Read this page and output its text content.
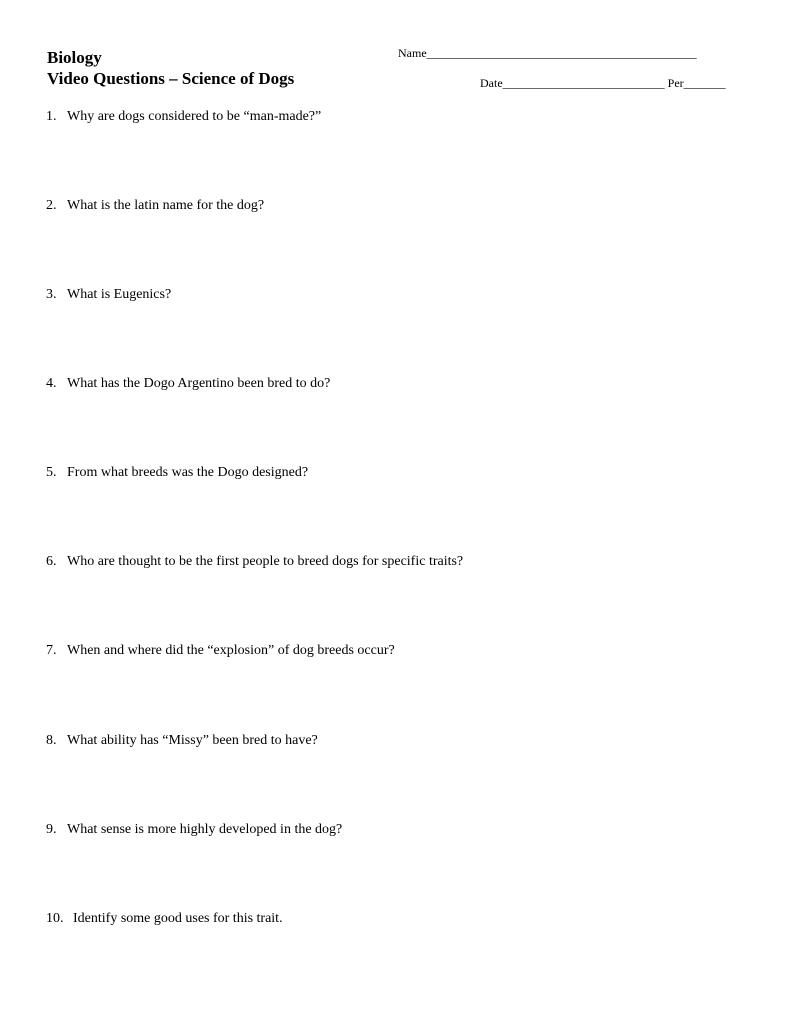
Biology
Video Questions – Science of Dogs
Name_____________________________________________
Date___________________________ Per_______
1. Why are dogs considered to be “man-made?”
2. What is the latin name for the dog?
3. What is Eugenics?
4. What has the Dogo Argentino been bred to do?
5. From what breeds was the Dogo designed?
6. Who are thought to be the first people to breed dogs for specific traits?
7. When and where did the “explosion” of dog breeds occur?
8. What ability has “Missy” been bred to have?
9. What sense is more highly developed in the dog?
10. Identify some good uses for this trait.
